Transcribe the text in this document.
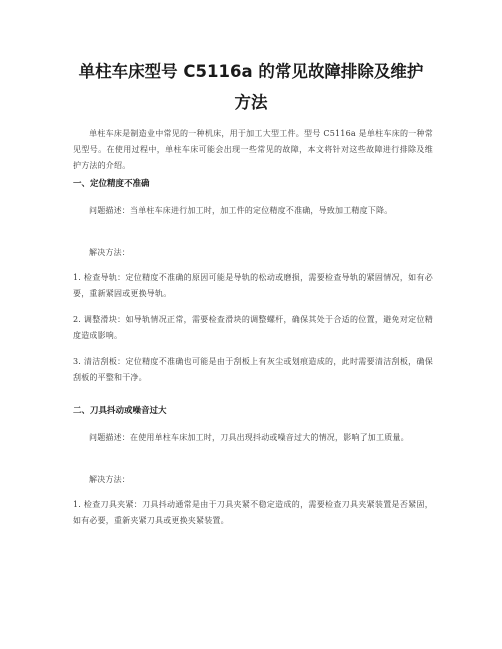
单柱车床型号 C5116a 的常见故障排除及维护
方法

单柱车床是制造业中常见的一种机床，用于加工大型工件。型号 C5116a 是单柱车床的一种常见型号。在使用过程中，单柱车床可能会出现一些常见的故障，本文将针对这些故障进行排除及维护方法的介绍。

一、定位精度不准确

问题描述：当单柱车床进行加工时，加工件的定位精度不准确，导致加工精度下降。

解决方法：

1. 检查导轨：定位精度不准确的原因可能是导轨的松动或磨损，需要检查导轨的紧固情况，如有必要，重新紧固或更换导轨。

2. 调整滑块：如导轨情况正常，需要检查滑块的调整螺杆，确保其处于合适的位置，避免对定位精度造成影响。

3. 清洁刮板：定位精度不准确也可能是由于刮板上有灰尘或划痕造成的，此时需要清洁刮板，确保刮板的平整和干净。

二、刀具抖动或噪音过大

问题描述：在使用单柱车床加工时，刀具出现抖动或噪音过大的情况，影响了加工质量。

解决方法：

1. 检查刀具夹紧：刀具抖动通常是由于刀具夹紧不稳定造成的，需要检查刀具夹紧装置是否紧固，如有必要，重新夹紧刀具或更换夹紧装置。
